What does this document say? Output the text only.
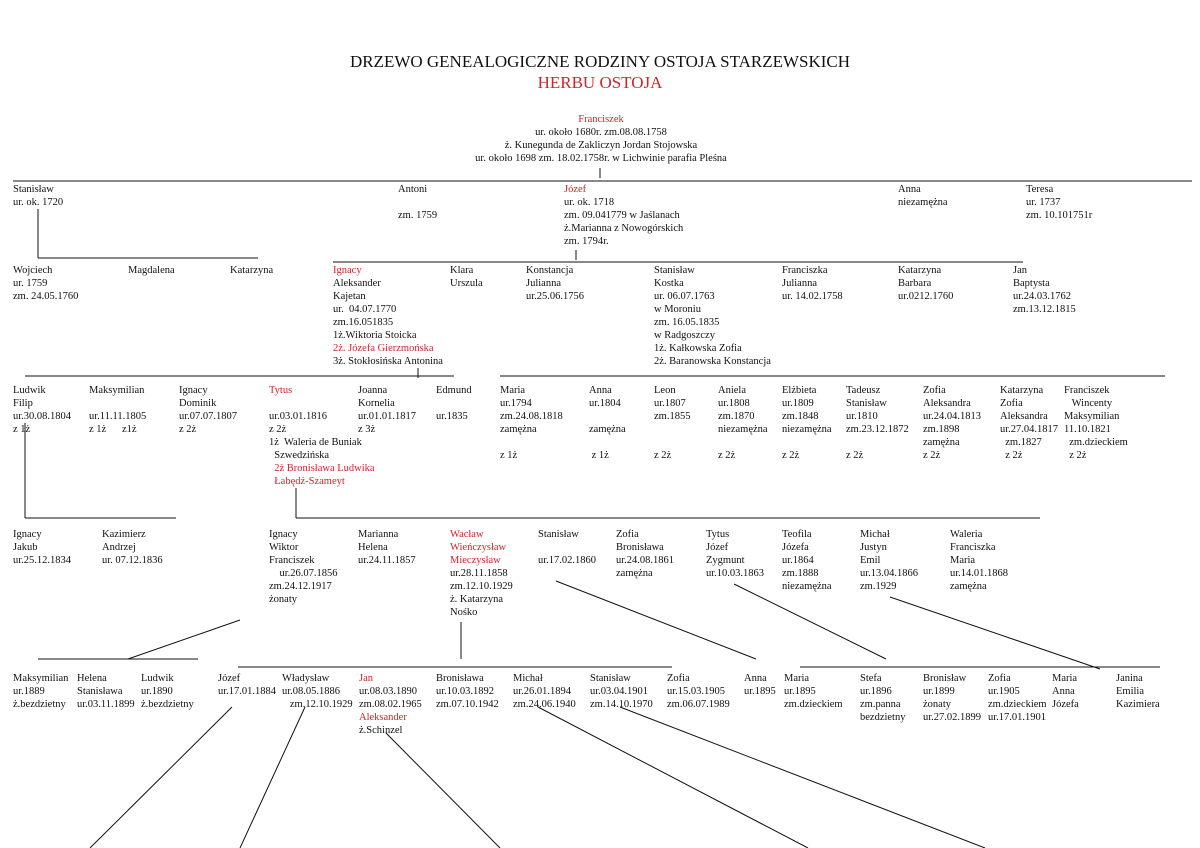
DRZEWO GENEALOGICZNE RODZINY OSTOJA STARZEWSKICH
HERBU OSTOJA
Franciszek
ur. około 1680r. zm.08.08.1758
ż. Kunegunda de Zakliczyn Jordan Stojowska
ur. około 1698 zm. 18.02.1758r. w Lichwinie parafia Pleśna
Stanisław
ur. ok. 1720
Antoni

zm. 1759
Józef
ur. ok. 1718
zm. 09.041779 w Jaślanach
ż.Marianna z Nowogórskich
zm. 1794r.
Anna
niezamężna
Teresa
ur. 1737
zm. 10.101751r
Wojciech
ur. 1759
zm. 24.05.1760
Magdalena	Katarzyna	Ignacy
Aleksander
Kajetan
ur.  04.07.1770
zm.16.051835
1ż.Wiktoria Stoicka
2ż. Józefa Gierzmońska
3ż. Stokłosińska Antonina
Klara
Urszula
Konstancja
Julianna
ur.25.06.1756
Stanisław
Kostka
ur. 06.07.1763
w Moroniu
zm. 16.05.1835
w Radgoszczy
1ż. Kałkowska Zofia
2ż. Baranowska Konstancja
Franciszka
Julianna
ur. 14.02.1758
Katarzyna
Barbara
ur.0212.1760
Jan
Baptysta
ur.24.03.1762
zm.13.12.1815
Ludwik
Filip
ur.30.08.1804
z 1ż
Maksymilian

ur.11.11.1805
z 1ż      z1ż
Ignacy
Dominik
ur.07.07.1807
z 2ż
Tytus

ur.03.01.1816
z 2ż
1ż  Waleria de Buniak
Szwedzińska
2ż Bronisława Ludwika
Łabędź-Szameyt
Joanna
Kornelia
ur.01.01.1817
z 3ż
Edmund

ur.1835
Maria
ur.1794
zm.24.08.1818
zamężna

z 1ż
Anna
ur.1804

zamężna

z 1ż
Leon
ur.1807
zm.1855

z 2ż
Aniela
ur.1808
zm.1870
niezamężna

z 2ż
Elżbieta
ur.1809
zm.1848
niezamężna

z 2ż
Tadeusz
Stanisław
ur.1810
zm.23.12.1872

z 2ż
Zofia
Aleksandra
ur.24.04.1813
zm.1898
zamężna
z 2ż
Katarzyna
Zofia
Aleksandra
ur.27.04.1817
zm.1827
z 2ż
Franciszek
Wincenty
Maksymilian
11.10.1821
zm.dzieckiem
z 2ż
Ignacy
Jakub
ur.25.12.1834
Kazimierz
Andrzej
ur. 07.12.1836
Ignacy
Wiktor
Franciszek
ur.26.07.1856
zm.24.12.1917
żonaty
Marianna
Helena
ur.24.11.1857
Wacław
Wieńczysław
Mieczysław
ur.28.11.1858
zm.12.10.1929
ż. Katarzyna
Nośko
Stanisław

ur.17.02.1860
Zofia
Bronisława
ur.24.08.1861
zamężna
Tytus
Józef
Zygmunt
ur.10.03.1863
Teofila
Józefa
ur.1864
zm.1888
niezamężna
Michał
Justyn
Emil
ur.13.04.1866
zm.1929
Waleria
Franciszka
Maria
ur.14.01.1868
zamężna
Maksymilian
ur.1889
ż.bezdzietny
Helena
Stanisława
ur.03.11.1899
Ludwik
ur.1890
ż.bezdzietny
Józef
ur.17.01.1884
Władysław
ur.08.05.1886
zm.12.10.1929
Jan
ur.08.03.1890
zm.08.02.1965
Aleksander
ż.Schinzel
Bronisława
ur.10.03.1892
zm.07.10.1942
Michał
ur.26.01.1894
zm.24.06.1940
Stanisław
ur.03.04.1901
zm.14.10.1970
Zofia
ur.15.03.1905
zm.06.07.1989
Anna
ur.1895
Maria
ur.1895
zm.dzieckiem
Stefa
ur.1896
zm.panna
bezdzietny
Bronisław
ur.1899
żonaty
ur.27.02.1899
Zofia
ur.1905
zm.dzieckiem
ur.17.01.1901
Maria
Anna
Józefa
Janina
Emilia
Kazimiera
